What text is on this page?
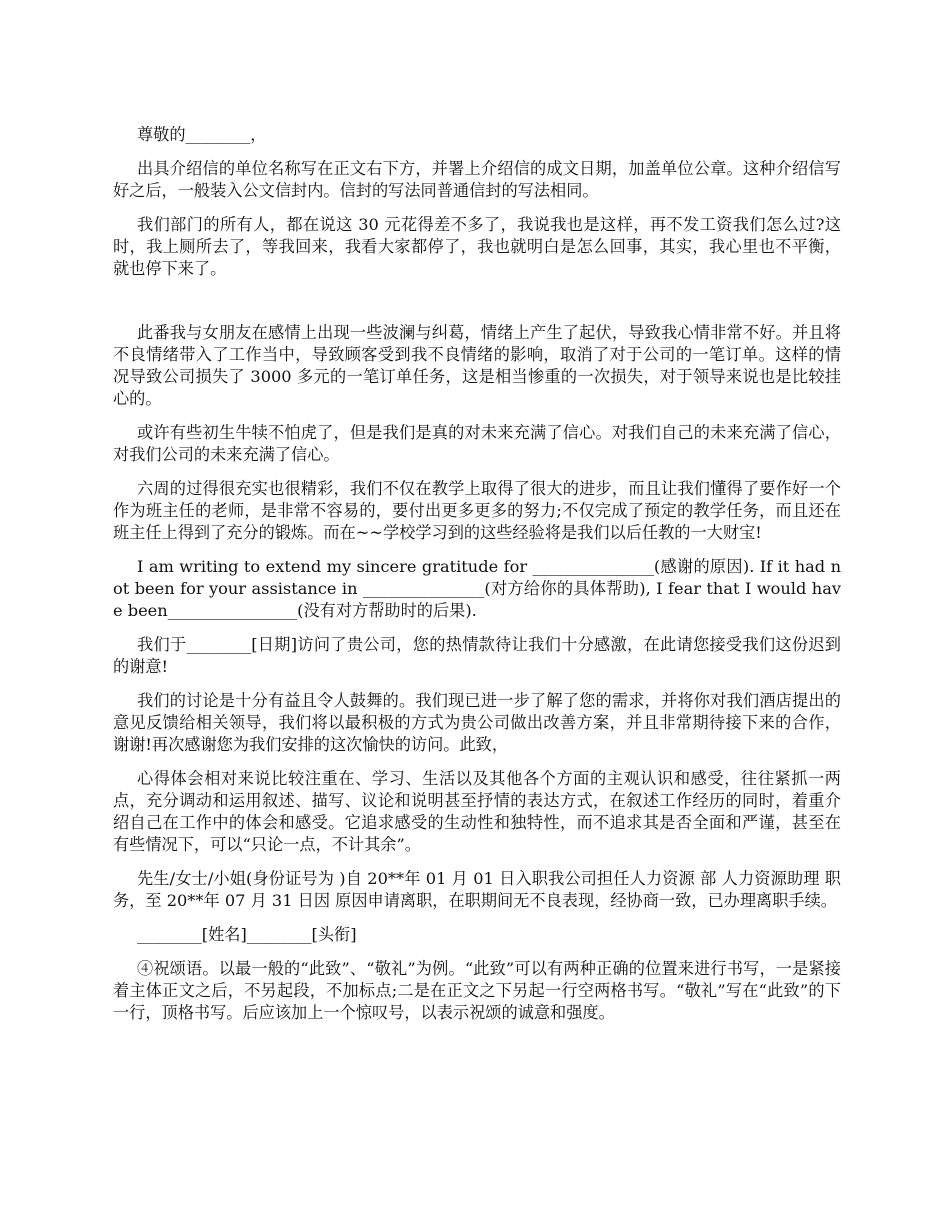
尊敬的________，

出具介绍信的单位名称写在正文右下方，并署上介绍信的成文日期，加盖单位公章。这种介绍信写好之后，一般装入公文信封内。信封的写法同普通信封的写法相同。

我们部门的所有人，都在说这 30 元花得差不多了，我说我也是这样，再不发工资我们怎么过?这时，我上厕所去了，等我回来，我看大家都停了，我也就明白是怎么回事，其实，我心里也不平衡，就也停下来了。

此番我与女朋友在感情上出现一些波澜与纠葛，情绪上产生了起伏，导致我心情非常不好。并且将不良情绪带入了工作当中，导致顾客受到我不良情绪的影响，取消了对于公司的一笔订单。这样的情况导致公司损失了 3000 多元的一笔订单任务，这是相当惨重的一次损失，对于领导来说也是比较挂心的。

或许有些初生牛犊不怕虎了，但是我们是真的对未来充满了信心。对我们自己的未来充满了信心，对我们公司的未来充满了信心。

六周的过得很充实也很精彩，我们不仅在教学上取得了很大的进步，而且让我们懂得了要作好一个作为班主任的老师，是非常不容易的，要付出更多更多的努力;不仅完成了预定的教学任务，而且还在班主任上得到了充分的锻炼。而在~~学校学习到的这些经验将是我们以后任教的一大财宝!

I am writing to extend my sincere gratitude for _______________(感谢的原因). If it had not been for your assistance in _______________(对方给你的具体帮助), I fear that I would have been________________(没有对方帮助时的后果).

我们于________[日期]访问了贵公司，您的热情款待让我们十分感激，在此请您接受我们这份迟到的谢意!

我们的讨论是十分有益且令人鼓舞的。我们现已进一步了解了您的需求，并将你对我们酒店提出的意见反馈给相关领导，我们将以最积极的方式为贵公司做出改善方案，并且非常期待接下来的合作，谢谢!再次感谢您为我们安排的这次愉快的访问。此致，

心得体会相对来说比较注重在、学习、生活以及其他各个方面的主观认识和感受，往往紧抓一两点，充分调动和运用叙述、描写、议论和说明甚至抒情的表达方式，在叙述工作经历的同时，着重介绍自己在工作中的体会和感受。它追求感受的生动性和独特性，而不追求其是否全面和严谨，甚至在有些情况下，可以“只论一点，不计其余”。

先生/女士/小姐(身份证号为 )自 20**年 01 月 01 日入职我公司担任人力资源 部 人力资源助理 职务，至 20**年 07 月 31 日因 原因申请离职，在职期间无不良表现，经协商一致，已办理离职手续。

________[姓名]________[头衔]

④祝颂语。以最一般的“此致”、“敬礼”为例。“此致”可以有两种正确的位置来进行书写，一是紧接着主体正文之后，不另起段，不加标点;二是在正文之下另起一行空两格书写。“敬礼”写在“此致”的下一行，顶格书写。后应该加上一个惊叹号，以表示祝颂的诚意和强度。
